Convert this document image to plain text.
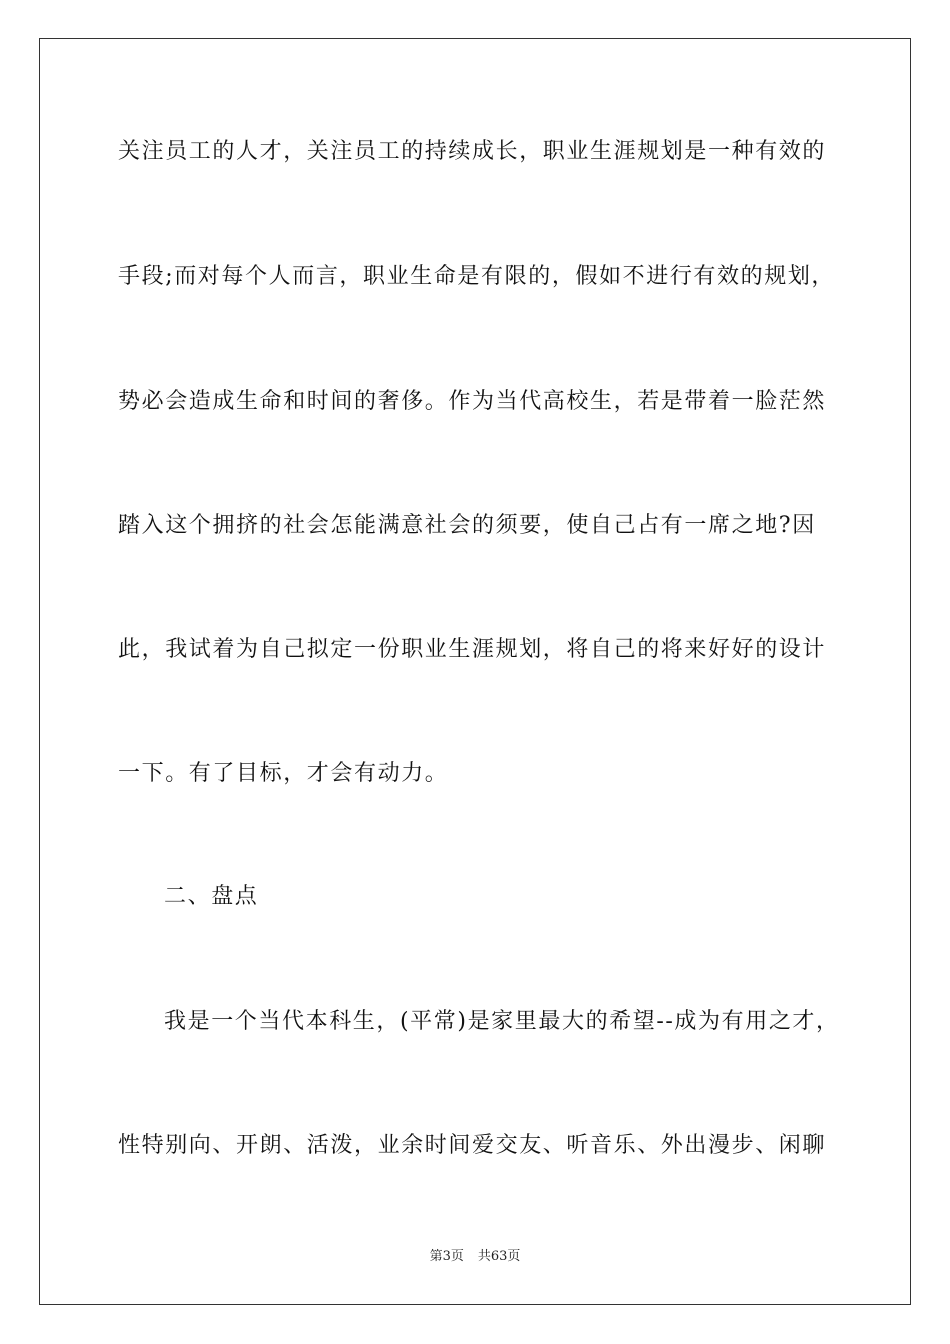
关注员工的人才，关注员工的持续成长，职业生涯规划是一种有效的
手段;而对每个人而言，职业生命是有限的，假如不进行有效的规划，
势必会造成生命和时间的奢侈。作为当代高校生，若是带着一脸茫然
踏入这个拥挤的社会怎能满意社会的须要，使自己占有一席之地?因
此，我试着为自己拟定一份职业生涯规划，将自己的将来好好的设计
一下。有了目标，才会有动力。
二、盘点
我是一个当代本科生，(平常)是家里最大的希望--成为有用之才，
性特别向、开朗、活泼，业余时间爱交友、听音乐、外出漫步、闲聊
第3页 共63页
